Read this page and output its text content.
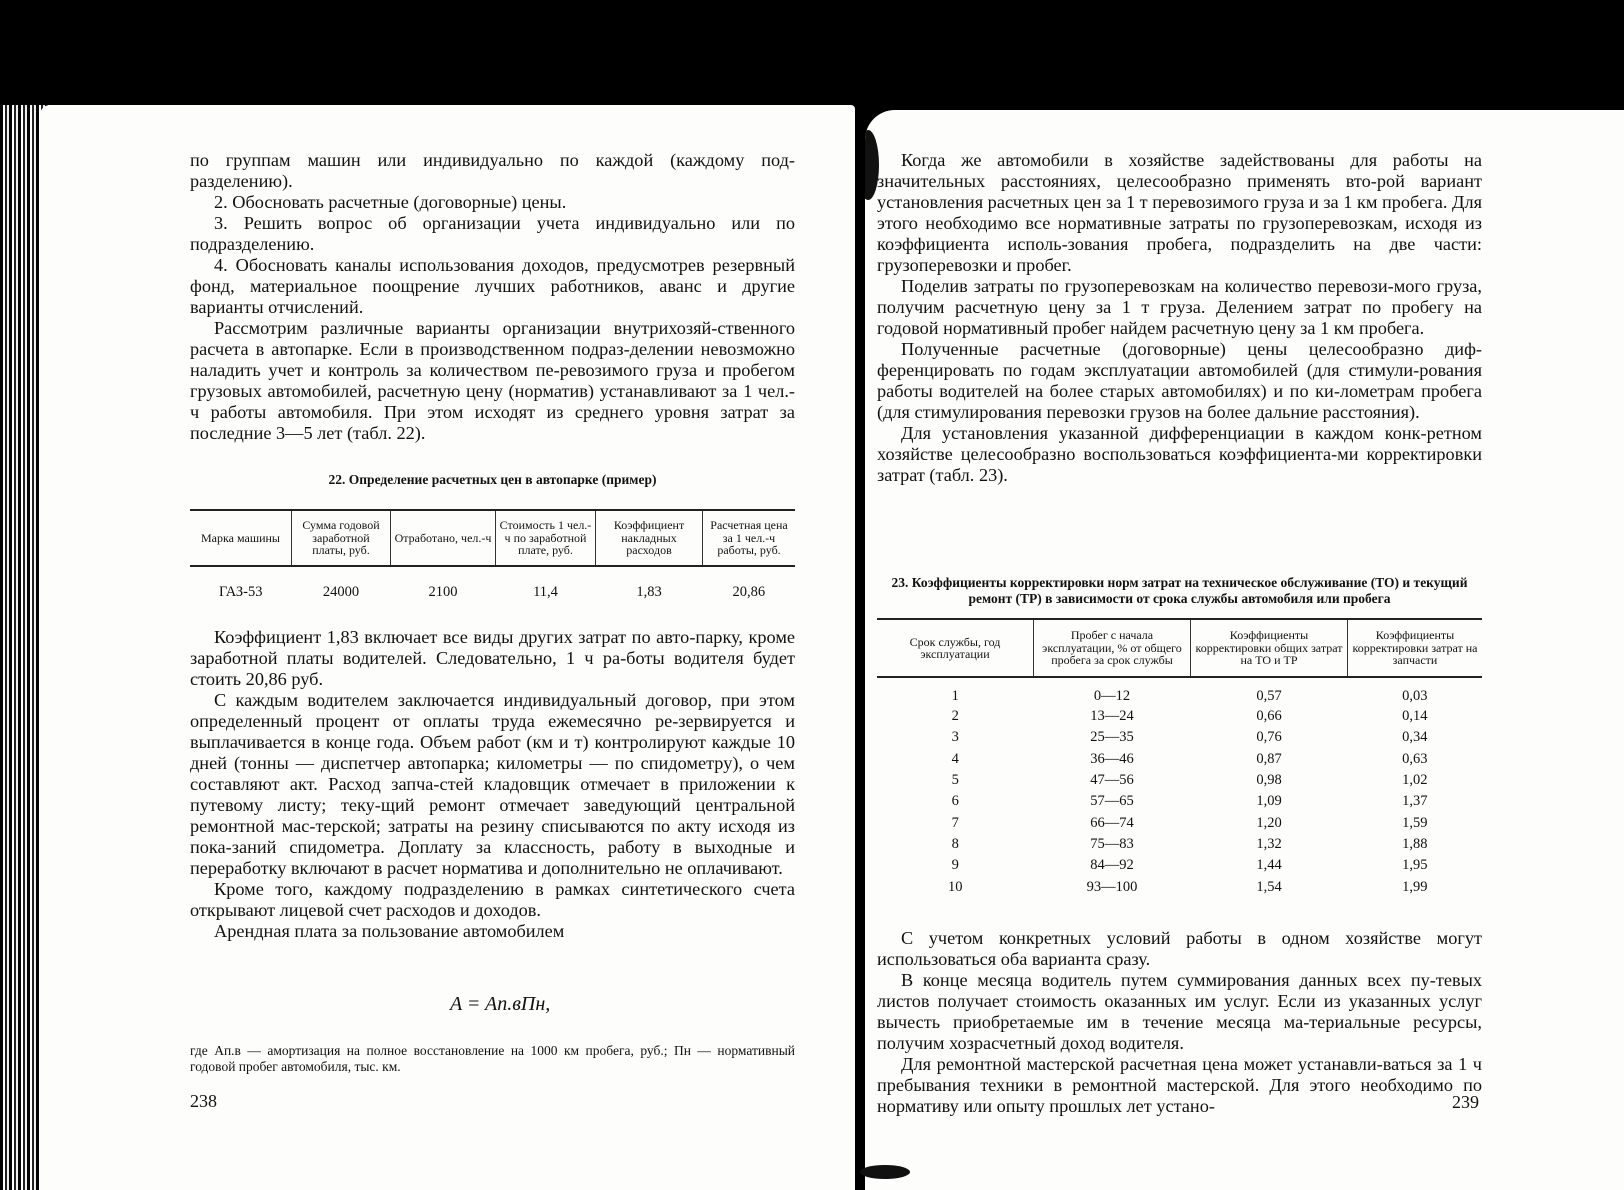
по группам машин или индивидуально по каждой (каждому под-разделению).

2. Обосновать расчетные (договорные) цены.

3. Решить вопрос об организации учета индивидуально или по подразделению.

4. Обосновать каналы использования доходов, предусмотрев резервный фонд, материальное поощрение лучших работников, аванс и другие варианты отчислений.

Рассмотрим различные варианты организации внутрихозяй-ственного расчета в автопарке. Если в производственном подраз-делении невозможно наладить учет и контроль за количеством пе-ревозимого груза и пробегом грузовых автомобилей, расчетную цену (норматив) устанавливают за 1 чел.-ч работы автомобиля. При этом исходят из среднего уровня затрат за последние 3—5 лет (табл. 22).

22. Определение расчетных цен в автопарке (пример)
Марка машины	Сумма годовой заработной платы, руб.	Отработано, чел.-ч	Стоимость 1 чел.-ч по заработной плате, руб.	Коэффициент накладных расходов	Расчетная цена за 1 чел.-ч работы, руб.
ГАЗ-53	24000	2100	11,4	1,83	20,86

Коэффициент 1,83 включает все виды других затрат по авто-парку, кроме заработной платы водителей. Следовательно, 1 ч ра-боты водителя будет стоить 20,86 руб.

С каждым водителем заключается индивидуальный договор, при этом определенный процент от оплаты труда ежемесячно ре-зервируется и выплачивается в конце года. Объем работ (км и т) контролируют каждые 10 дней (тонны — диспетчер автопарка; километры — по спидометру), о чем составляют акт. Расход запча-стей кладовщик отмечает в приложении к путевому листу; теку-щий ремонт отмечает заведующий центральной ремонтной мас-терской; затраты на резину списываются по акту исходя из пока-заний спидометра. Доплату за классность, работу в выходные и переработку включают в расчет норматива и дополнительно не оплачивают.

Кроме того, каждому подразделению в рамках синтетического счета открывают лицевой счет расходов и доходов.

Арендная плата за пользование автомобилем

A = Aп.вПн,
где Ап.в — амортизация на полное восстановление на 1000 км пробега, руб.; Пн — нормативный годовой пробег автомобиля, тыс. км.
238

Когда же автомобили в хозяйстве задействованы для работы на значительных расстояниях, целесообразно применять вто-рой вариант установления расчетных цен за 1 т перевозимого груза и за 1 км пробега. Для этого необходимо все нормативные затраты по грузоперевозкам, исходя из коэффициента исполь-зования пробега, подразделить на две части: грузоперевозки и пробег.

Поделив затраты по грузоперевозкам на количество перевози-мого груза, получим расчетную цену за 1 т груза. Делением затрат по пробегу на годовой нормативный пробег найдем расчетную цену за 1 км пробега.

Полученные расчетные (договорные) цены целесообразно диф-ференцировать по годам эксплуатации автомобилей (для стимули-рования работы водителей на более старых автомобилях) и по ки-лометрам пробега (для стимулирования перевозки грузов на более дальние расстояния).

Для установления указанной дифференциации в каждом конк-ретном хозяйстве целесообразно воспользоваться коэффициента-ми корректировки затрат (табл. 23).

23. Коэффициенты корректировки норм затрат на техническое обслуживание (ТО) и текущий ремонт (ТР) в зависимости от срока службы автомобиля или пробега
Срок службы, год эксплуатации	Пробег с начала эксплуатации, % от общего пробега за срок службы	Коэффициенты корректировки общих затрат на ТО и ТР	Коэффициенты корректировки затрат на запчасти
1	0—12	0,57	0,03
2	13—24	0,66	0,14
3	25—35	0,76	0,34
4	36—46	0,87	0,63
5	47—56	0,98	1,02
6	57—65	1,09	1,37
7	66—74	1,20	1,59
8	75—83	1,32	1,88
9	84—92	1,44	1,95
10	93—100	1,54	1,99

С учетом конкретных условий работы в одном хозяйстве могут использоваться оба варианта сразу.

В конце месяца водитель путем суммирования данных всех пу-тевых листов получает стоимость оказанных им услуг. Если из указанных услуг вычесть приобретаемые им в течение месяца ма-териальные ресурсы, получим хозрасчетный доход водителя.

Для ремонтной мастерской расчетная цена может устанавли-ваться за 1 ч пребывания техники в ремонтной мастерской. Для этого необходимо по нормативу или опыту прошлых лет устано-	239
